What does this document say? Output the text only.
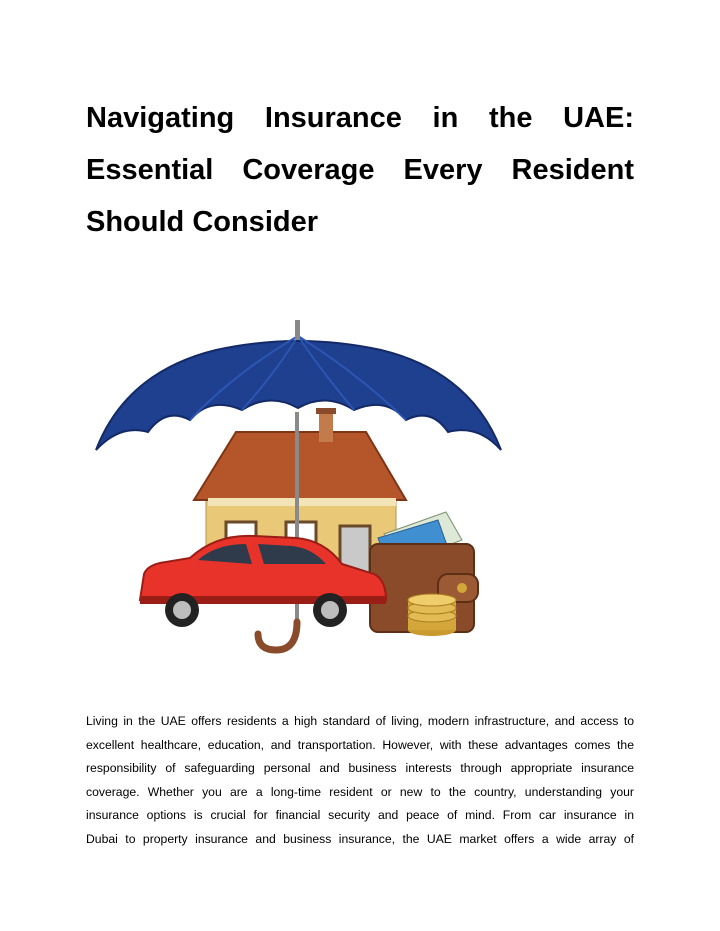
Navigating Insurance in the UAE:
Essential Coverage Every Resident
Should Consider

Living in the UAE offers residents a high standard of living, modern infrastructure, and access to
excellent healthcare, education, and transportation. However, with these advantages comes the
responsibility of safeguarding personal and business interests through appropriate insurance
coverage. Whether you are a long-time resident or new to the country, understanding your
insurance options is crucial for financial security and peace of mind. From car insurance in
Dubai to property insurance and business insurance, the UAE market offers a wide array of
